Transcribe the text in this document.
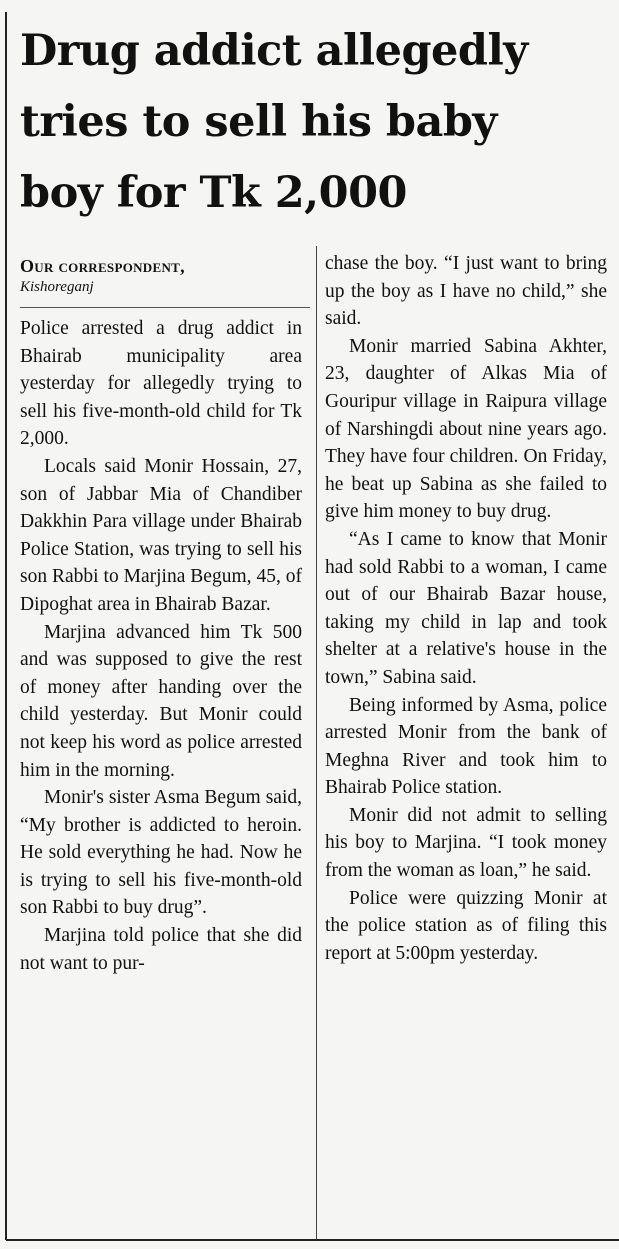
Drug addict allegedly
tries to sell his baby
boy for Tk 2,000
Our correspondent,
Kishoreganj

Police arrested a drug addict in Bhairab municipality area yesterday for allegedly trying to sell his five-month-old child for Tk 2,000.

Locals said Monir Hossain, 27, son of Jabbar Mia of Chandiber Dakkhin Para village under Bhairab Police Station, was trying to sell his son Rabbi to Marjina Begum, 45, of Dipoghat area in Bhairab Bazar.

Marjina advanced him Tk 500 and was supposed to give the rest of money after handing over the child yesterday. But Monir could not keep his word as police arrested him in the morning.

Monir's sister Asma Begum said, “My brother is addicted to heroin. He sold everything he had. Now he is trying to sell his five-month-old son Rabbi to buy drug”.

Marjina told police that she did not want to pur-

chase the boy. “I just want to bring up the boy as I have no child,” she said.

Monir married Sabina Akhter, 23, daughter of Alkas Mia of Gouripur village in Raipura village of Narshingdi about nine years ago. They have four children. On Friday, he beat up Sabina as she failed to give him money to buy drug.

“As I came to know that Monir had sold Rabbi to a woman, I came out of our Bhairab Bazar house, taking my child in lap and took shelter at a relative's house in the town,” Sabina said.

Being informed by Asma, police arrested Monir from the bank of Meghna River and took him to Bhairab Police station.

Monir did not admit to selling his boy to Marjina. “I took money from the woman as loan,” he said.

Police were quizzing Monir at the police station as of filing this report at 5:00pm yesterday.
